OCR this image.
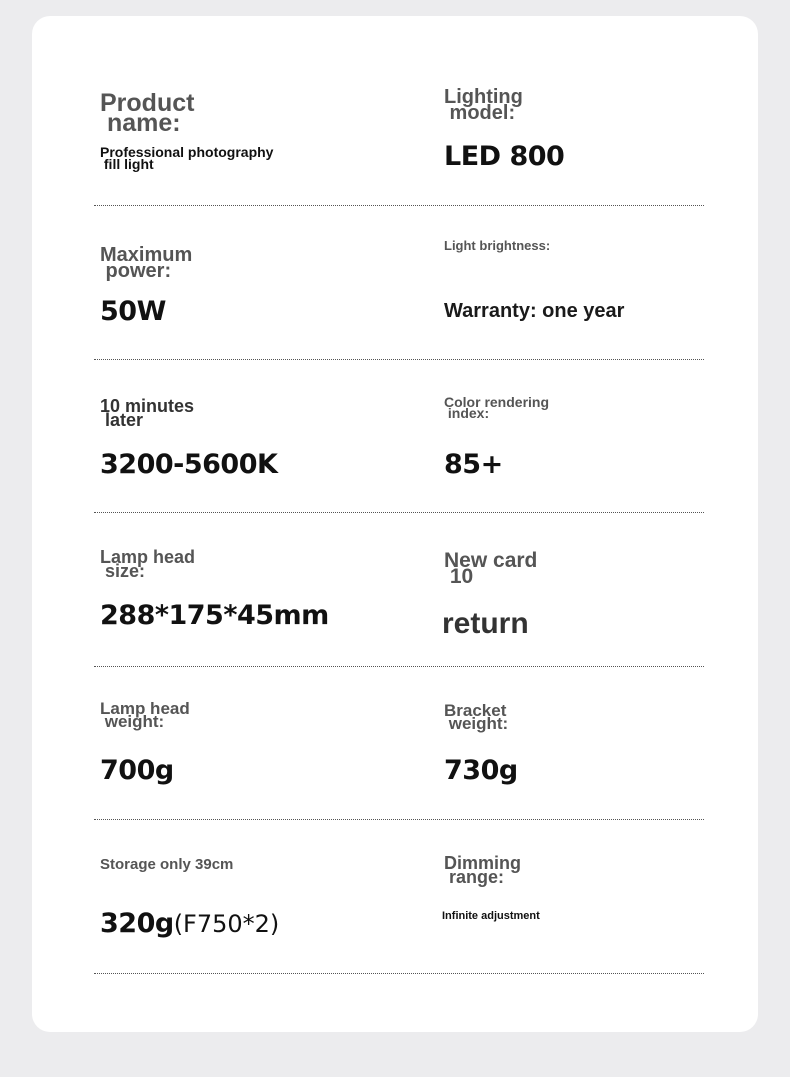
Product
name:
Professional photography
fill light
Lighting
model:
LED 800
Maximum
power:
50W
Light brightness:
Warranty: one year
10 minutes
later
3200-5600K
Color rendering
index:
85+
Lamp head
size:
288*175*45mm
New card
10
return
Lamp head
weight:
700g
Bracket
weight:
730g
Storage only 39cm
320g(F750*2)
Dimming
range:
Infinite adjustment
